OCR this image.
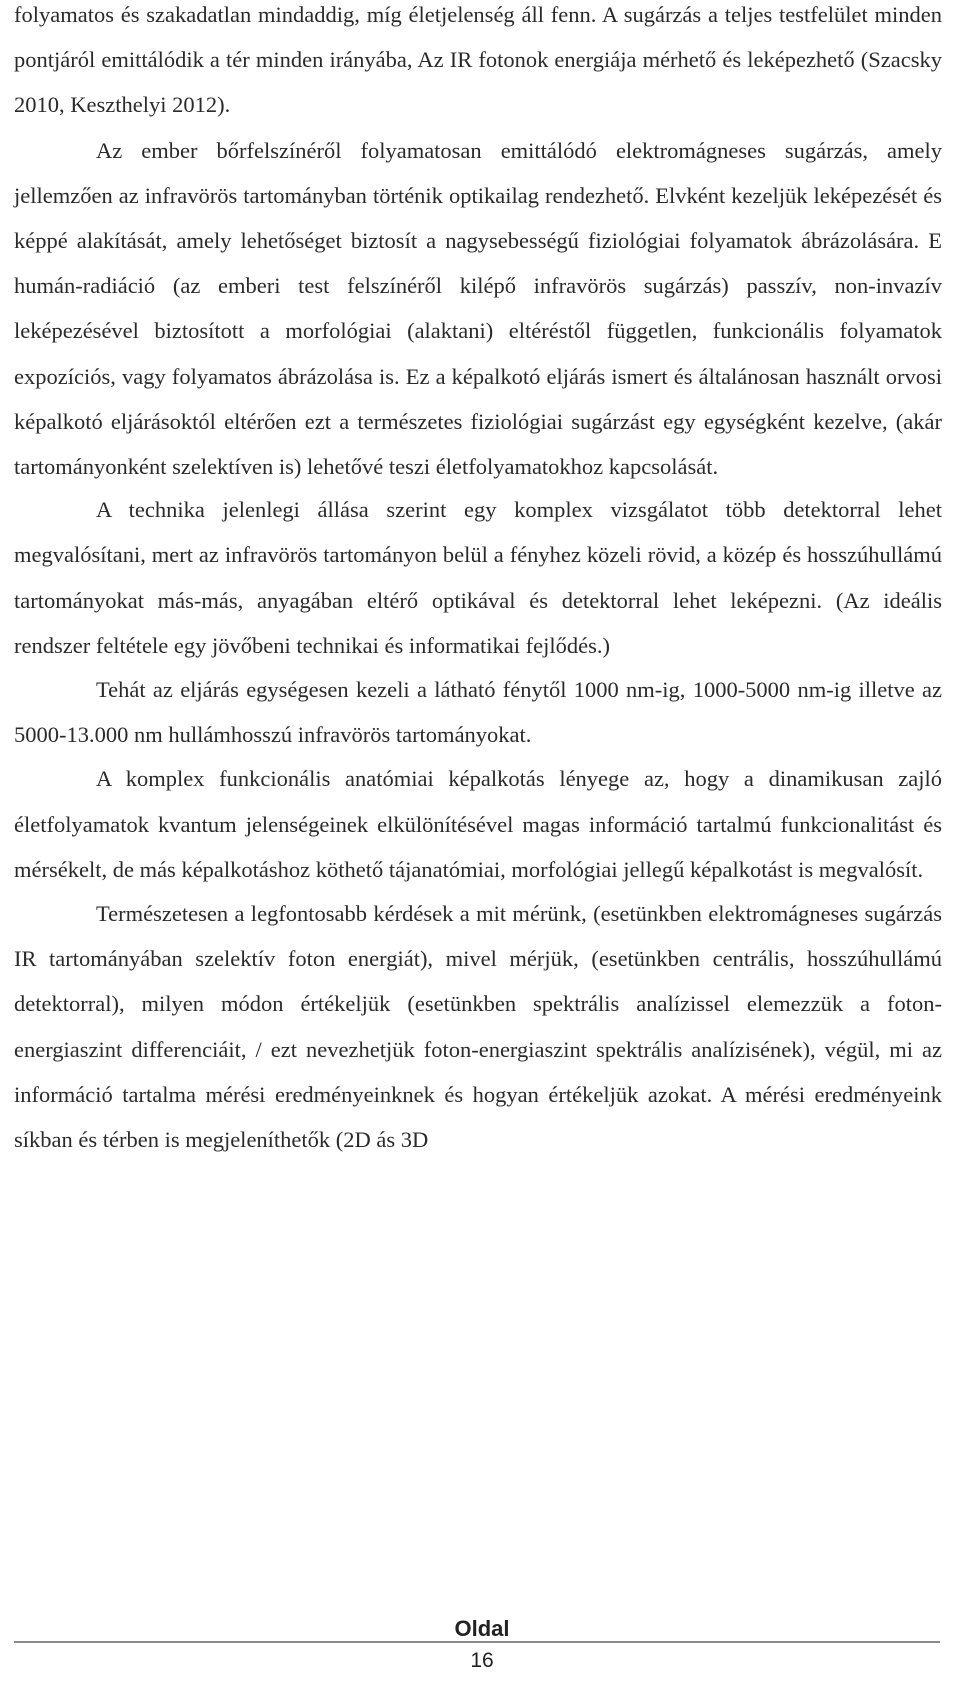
folyamatos és szakadatlan mindaddig, míg életjelenség áll fenn. A sugárzás a teljes testfelület minden pontjáról emittálódik a tér minden irányába, Az IR fotonok energiája mérhető és leképezhető (Szacsky 2010, Keszthelyi 2012).

Az ember bőrfelszínéről folyamatosan emittálódó elektromágneses sugárzás, amely jellemzően az infravörös tartományban történik optikailag rendezhető. Elvként kezeljük leképezését és képpé alakítását, amely lehetőséget biztosít a nagysebességű fiziológiai folyamatok ábrázolására. E humán-radiáció (az emberi test felszínéről kilépő infravörös sugárzás) passzív, non-invazív leképezésével biztosított a morfológiai (alaktani) eltéréstől független, funkcionális folyamatok expozíciós, vagy folyamatos ábrázolása is. Ez a képalkotó eljárás ismert és általánosan használt orvosi képalkotó eljárásoktól eltérően ezt a természetes fiziológiai sugárzást egy egységként kezelve, (akár tartományonként szelektíven is) lehetővé teszi életfolyamatokhoz kapcsolását.

A technika jelenlegi állása szerint egy komplex vizsgálatot több detektorral lehet megvalósítani, mert az infravörös tartományon belül a fényhez közeli rövid, a közép és hosszúhullámú tartományokat más-más, anyagában eltérő optikával és detektorral lehet leképezni. (Az ideális rendszer feltétele egy jövőbeni technikai és informatikai fejlődés.)

Tehát az eljárás egységesen kezeli a látható fénytől 1000 nm-ig, 1000-5000 nm-ig illetve az 5000-13.000 nm hullámhosszú infravörös tartományokat.

A komplex funkcionális anatómiai képalkotás lényege az, hogy a dinamikusan zajló életfolyamatok kvantum jelenségeinek elkülönítésével magas információ tartalmú funkcionalitást és mérsékelt, de más képalkotáshoz köthető tájanatómiai, morfológiai jellegű képalkotást is megvalósít.

Természetesen a legfontosabb kérdések a mit mérünk, (esetünkben elektromágneses sugárzás IR tartományában szelektív foton energiát), mivel mérjük, (esetünkben centrális, hosszúhullámú detektorral), milyen módon értékeljük (esetünkben spektrális analízissel elemezzük a foton-energiaszint differenciáit, / ezt nevezhetjük foton-energiaszint spektrális analízisének), végül, mi az információ tartalma mérési eredményeinknek és hogyan értékeljük azokat. A mérési eredményeink síkban és térben is megjeleníthetők (2D ás 3D

Oldal
16
